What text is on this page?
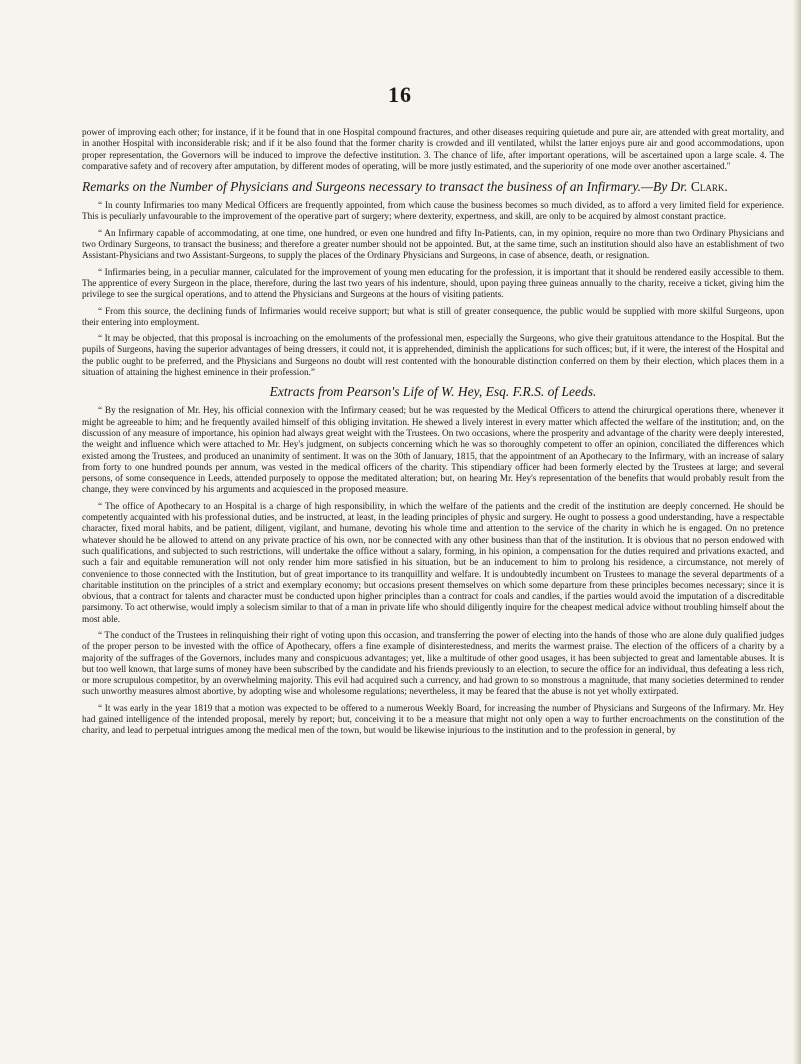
16

power of improving each other; for instance, if it be found that in one Hospital compound fractures, and other diseases requiring quietude and pure air, are attended with great mortality, and in another Hospital with inconsiderable risk; and if it be also found that the former charity is crowded and ill ventilated, whilst the latter enjoys pure air and good accommodations, upon proper representation, the Governors will be induced to improve the defective institution. 3. The chance of life, after important operations, will be ascertained upon a large scale. 4. The comparative safety and of recovery after amputation, by different modes of operating, will be more justly estimated, and the superiority of one mode over another ascertained."

Remarks on the Number of Physicians and Surgeons necessary to transact the business of an Infirmary.—By Dr. Clark.

“ In county Infirmaries too many Medical Officers are frequently appointed, from which cause the business becomes so much divided, as to afford a very limited field for experience. This is peculiarly unfavourable to the improvement of the operative part of surgery; where dexterity, expertness, and skill, are only to be acquired by almost constant practice.

“ An Infirmary capable of accommodating, at one time, one hundred, or even one hundred and fifty In-Patients, can, in my opinion, require no more than two Ordinary Physicians and two Ordinary Surgeons, to transact the business; and therefore a greater number should not be appointed. But, at the same time, such an institution should also have an establishment of two Assistant-Physicians and two Assistant-Surgeons, to supply the places of the Ordinary Physicians and Surgeons, in case of absence, death, or resignation.

“ Infirmaries being, in a peculiar manner, calculated for the improvement of young men educating for the profession, it is important that it should be rendered easily accessible to them. The apprentice of every Surgeon in the place, therefore, during the last two years of his indenture, should, upon paying three guineas annually to the charity, receive a ticket, giving him the privilege to see the surgical operations, and to attend the Physicians and Surgeons at the hours of visiting patients.

“ From this source, the declining funds of Infirmaries would receive support; but what is still of greater consequence, the public would be supplied with more skilful Surgeons, upon their entering into employment.

“ It may be objected, that this proposal is incroaching on the emoluments of the professional men, especially the Surgeons, who give their gratuitous attendance to the Hospital. But the pupils of Surgeons, having the superior advantages of being dressers, it could not, it is apprehended, diminish the applications for such offices; but, if it were, the interest of the Hospital and the public ought to be preferred, and the Physicians and Surgeons no doubt will rest contented with the honourable distinction conferred on them by their election, which places them in a situation of attaining the highest eminence in their profession.”

Extracts from Pearson's Life of W. Hey, Esq. F.R.S. of Leeds.

“ By the resignation of Mr. Hey, his official connexion with the Infirmary ceased; but he was requested by the Medical Officers to attend the chirurgical operations there, whenever it might be agreeable to him; and he frequently availed himself of this obliging invitation. He shewed a lively interest in every matter which affected the welfare of the institution; and, on the discussion of any measure of importance, his opinion had always great weight with the Trustees. On two occasions, where the prosperity and advantage of the charity were deeply interested, the weight and influence which were attached to Mr. Hey's judgment, on subjects concerning which he was so thoroughly competent to offer an opinion, conciliated the differences which existed among the Trustees, and produced an unanimity of sentiment. It was on the 30th of January, 1815, that the appointment of an Apothecary to the Infirmary, with an increase of salary from forty to one hundred pounds per annum, was vested in the medical officers of the charity. This stipendiary officer had been formerly elected by the Trustees at large; and several persons, of some consequence in Leeds, attended purposely to oppose the meditated alteration; but, on hearing Mr. Hey's representation of the benefits that would probably result from the change, they were convinced by his arguments and acquiesced in the proposed measure.

“ The office of Apothecary to an Hospital is a charge of high responsibility, in which the welfare of the patients and the credit of the institution are deeply concerned. He should be competently acquainted with his professional duties, and be instructed, at least, in the leading principles of physic and surgery. He ought to possess a good understanding, have a respectable character, fixed moral habits, and be patient, diligent, vigilant, and humane, devoting his whole time and attention to the service of the charity in which he is engaged. On no pretence whatever should he be allowed to attend on any private practice of his own, nor be connected with any other business than that of the institution. It is obvious that no person endowed with such qualifications, and subjected to such restrictions, will undertake the office without a salary, forming, in his opinion, a compensation for the duties required and privations exacted, and such a fair and equitable remuneration will not only render him more satisfied in his situation, but be an inducement to him to prolong his residence, a circumstance, not merely of convenience to those connected with the Institution, but of great importance to its tranquillity and welfare. It is undoubtedly incumbent on Trustees to manage the several departments of a charitable institution on the principles of a strict and exemplary economy; but occasions present themselves on which some departure from these principles becomes necessary; since it is obvious, that a contract for talents and character must be conducted upon higher principles than a contract for coals and candles, if the parties would avoid the imputation of a discreditable parsimony. To act otherwise, would imply a solecism similar to that of a man in private life who should diligently inquire for the cheapest medical advice without troubling himself about the most able.

“ The conduct of the Trustees in relinquishing their right of voting upon this occasion, and transferring the power of electing into the hands of those who are alone duly qualified judges of the proper person to be invested with the office of Apothecary, offers a fine example of disinterestedness, and merits the warmest praise. The election of the officers of a charity by a majority of the suffrages of the Governors, includes many and conspicuous advantages; yet, like a multitude of other good usages, it has been subjected to great and lamentable abuses. It is but too well known, that large sums of money have been subscribed by the candidate and his friends previously to an election, to secure the office for an individual, thus defeating a less rich, or more scrupulous competitor, by an overwhelming majority. This evil had acquired such a currency, and had grown to so monstrous a magnitude, that many societies determined to render such unworthy measures almost abortive, by adopting wise and wholesome regulations; nevertheless, it may be feared that the abuse is not yet wholly extirpated.

“ It was early in the year 1819 that a motion was expected to be offered to a numerous Weekly Board, for increasing the number of Physicians and Surgeons of the Infirmary. Mr. Hey had gained intelligence of the intended proposal, merely by report; but, conceiving it to be a measure that might not only open a way to further encroachments on the constitution of the charity, and lead to perpetual intrigues among the medical men of the town, but would be likewise injurious to the institution and to the profession in general, by
